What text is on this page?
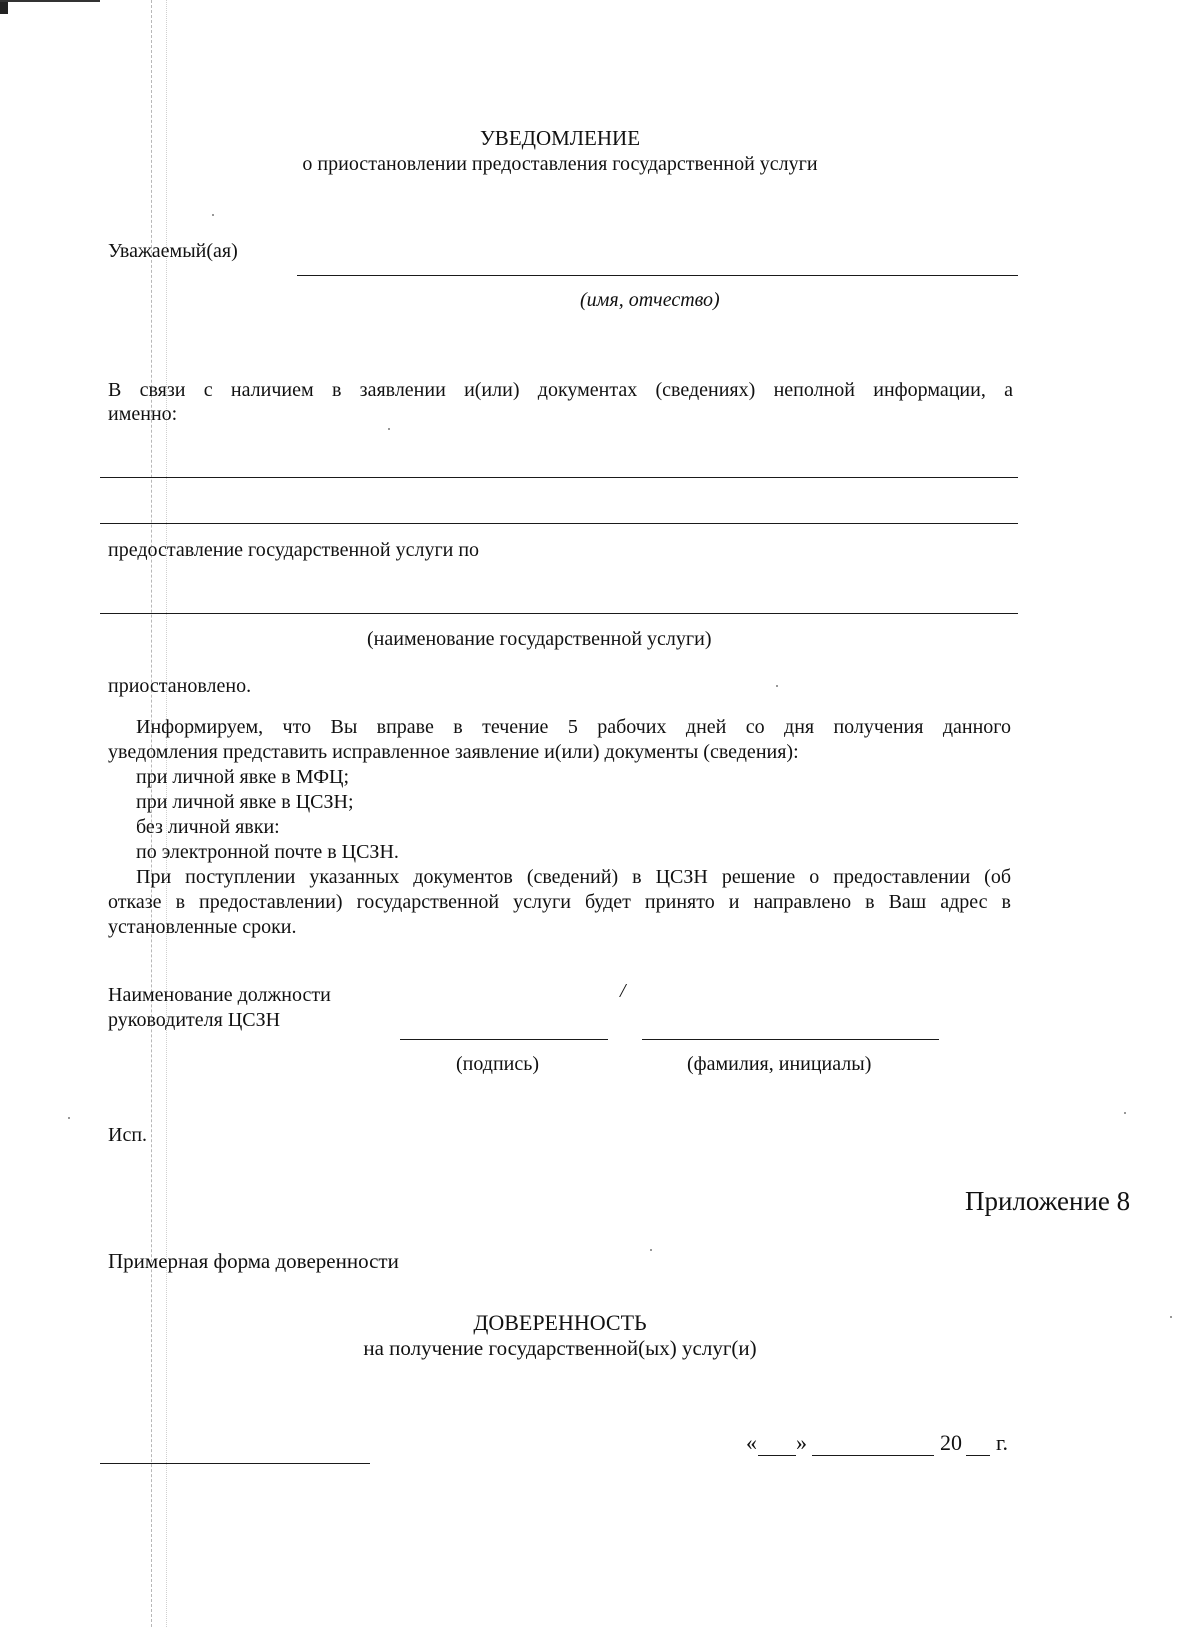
УВЕДОМЛЕНИЕ
о приостановлении предоставления государственной услуги
Уважаемый(ая)
(имя, отчество)
В связи с наличием в заявлении и(или) документах (сведениях) неполной информации, а
именно:
предоставление государственной услуги по
(наименование государственной услуги)
приостановлено.
Информируем, что Вы вправе в течение 5 рабочих дней со дня получения данного
уведомления представить исправленное заявление и(или) документы (сведения):
при личной явке в МФЦ;
при личной явке в ЦСЗН;
без личной явки:
по электронной почте в ЦСЗН.
При поступлении указанных документов (сведений) в ЦСЗН решение о предоставлении (об
отказе в предоставлении) государственной услуги будет принято и направлено в Ваш адрес в
установленные сроки.
Наименование должности
руководителя ЦСЗН
/
(подпись)	(фамилия, инициалы)
Исп.
Приложение 8
Примерная форма доверенности
ДОВЕРЕННОСТЬ
на получение государственной(ых) услуг(и)
« »	20 г.
